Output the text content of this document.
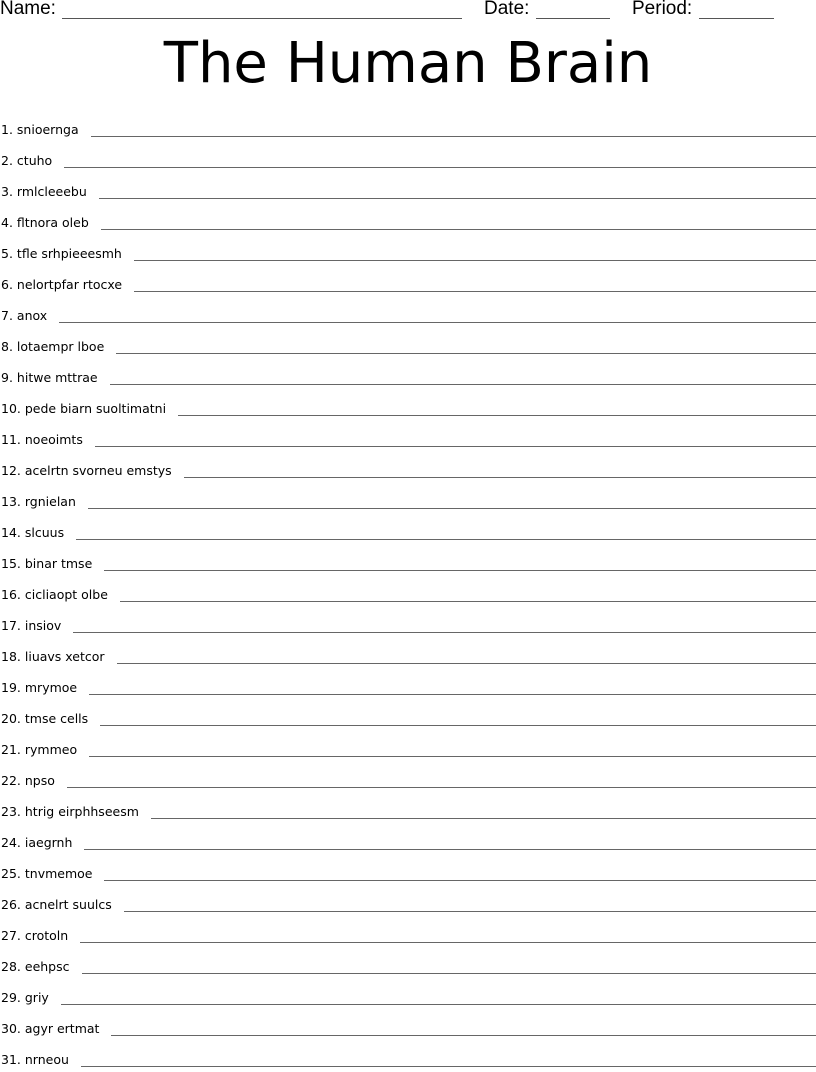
Name:	Date:	Period:
The Human Brain
1. snioernga
2. ctuho
3. rmlcleeebu
4. fltnora oleb
5. tfle srhpieeesmh
6. nelortpfar rtocxe
7. anox
8. lotaempr lboe
9. hitwe mttrae
10. pede biarn suoltimatni
11. noeoimts
12. acelrtn svorneu emstys
13. rgnielan
14. slcuus
15. binar tmse
16. cicliaopt olbe
17. insiov
18. liuavs xetcor
19. mrymoe
20. tmse cells
21. rymmeo
22. npso
23. htrig eirphhseesm
24. iaegrnh
25. tnvmemoe
26. acnelrt suulcs
27. crotoln
28. eehpsc
29. griy
30. agyr ertmat
31. nrneou
